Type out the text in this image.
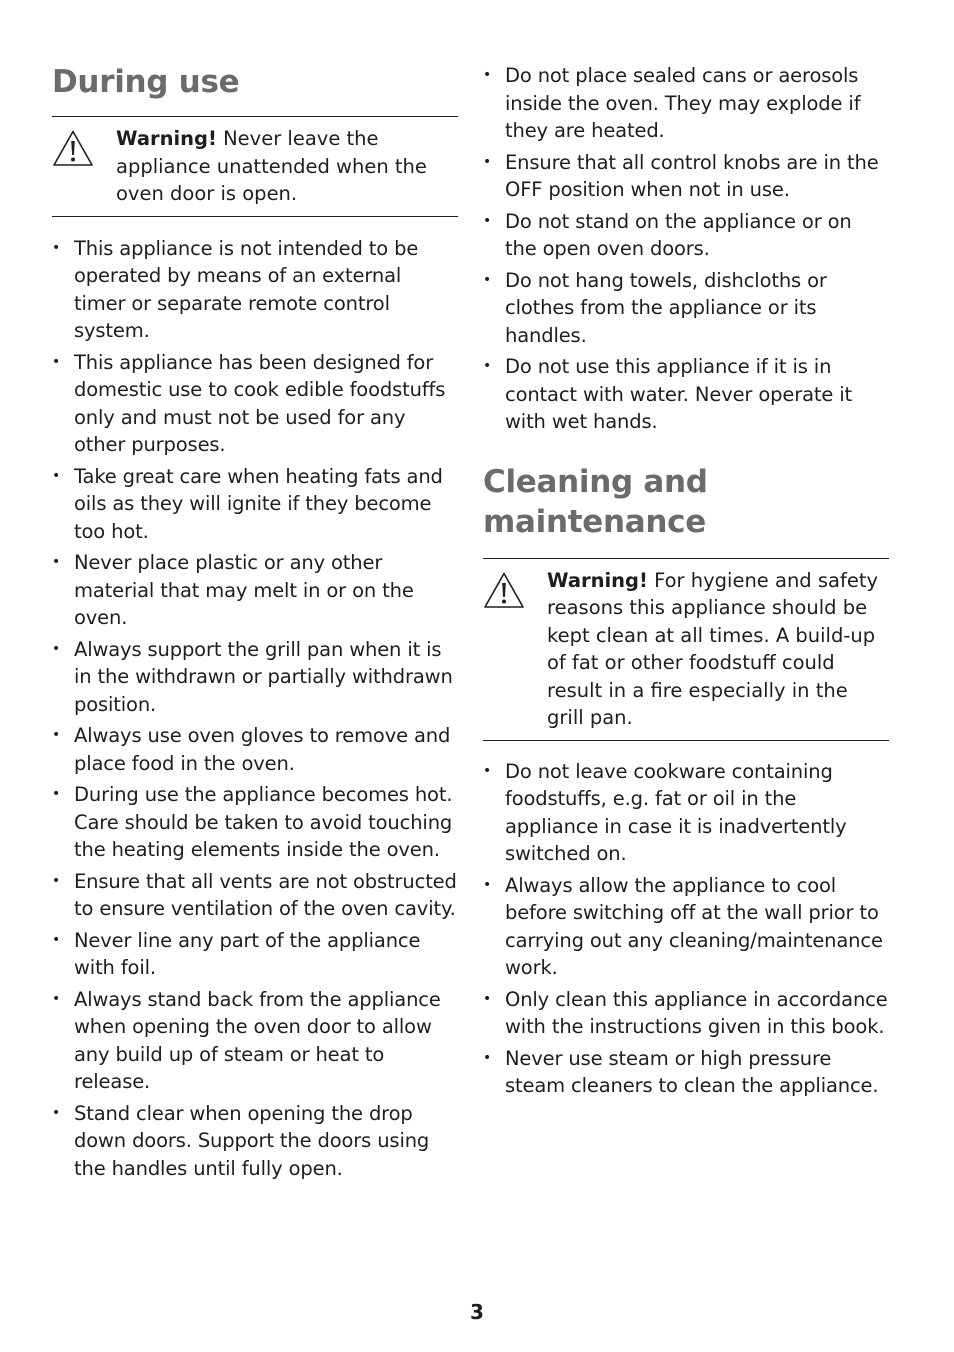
During use

Warning! Never leave the appliance unattended when the oven door is open.

• This appliance is not intended to be operated by means of an external timer or separate remote control system.
• This appliance has been designed for domestic use to cook edible foodstuffs only and must not be used for any other purposes.
• Take great care when heating fats and oils as they will ignite if they become too hot.
• Never place plastic or any other material that may melt in or on the oven.
• Always support the grill pan when it is in the withdrawn or partially withdrawn position.
• Always use oven gloves to remove and place food in the oven.
• During use the appliance becomes hot. Care should be taken to avoid touching the heating elements inside the oven.
• Ensure that all vents are not obstructed to ensure ventilation of the oven cavity.
• Never line any part of the appliance with foil.
• Always stand back from the appliance when opening the oven door to allow any build up of steam or heat to release.
• Stand clear when opening the drop down doors. Support the doors using the handles until fully open.
• Do not place sealed cans or aerosols inside the oven. They may explode if they are heated.
• Ensure that all control knobs are in the OFF position when not in use.
• Do not stand on the appliance or on the open oven doors.
• Do not hang towels, dishcloths or clothes from the appliance or its handles.
• Do not use this appliance if it is in contact with water. Never operate it with wet hands.
Cleaning and maintenance

Warning! For hygiene and safety reasons this appliance should be kept clean at all times. A build-up of fat or other foodstuff could result in a fire especially in the grill pan.

• Do not leave cookware containing foodstuffs, e.g. fat or oil in the appliance in case it is inadvertently switched on.
• Always allow the appliance to cool before switching off at the wall prior to carrying out any cleaning/maintenance work.
• Only clean this appliance in accordance with the instructions given in this book.
• Never use steam or high pressure steam cleaners to clean the appliance.
3
